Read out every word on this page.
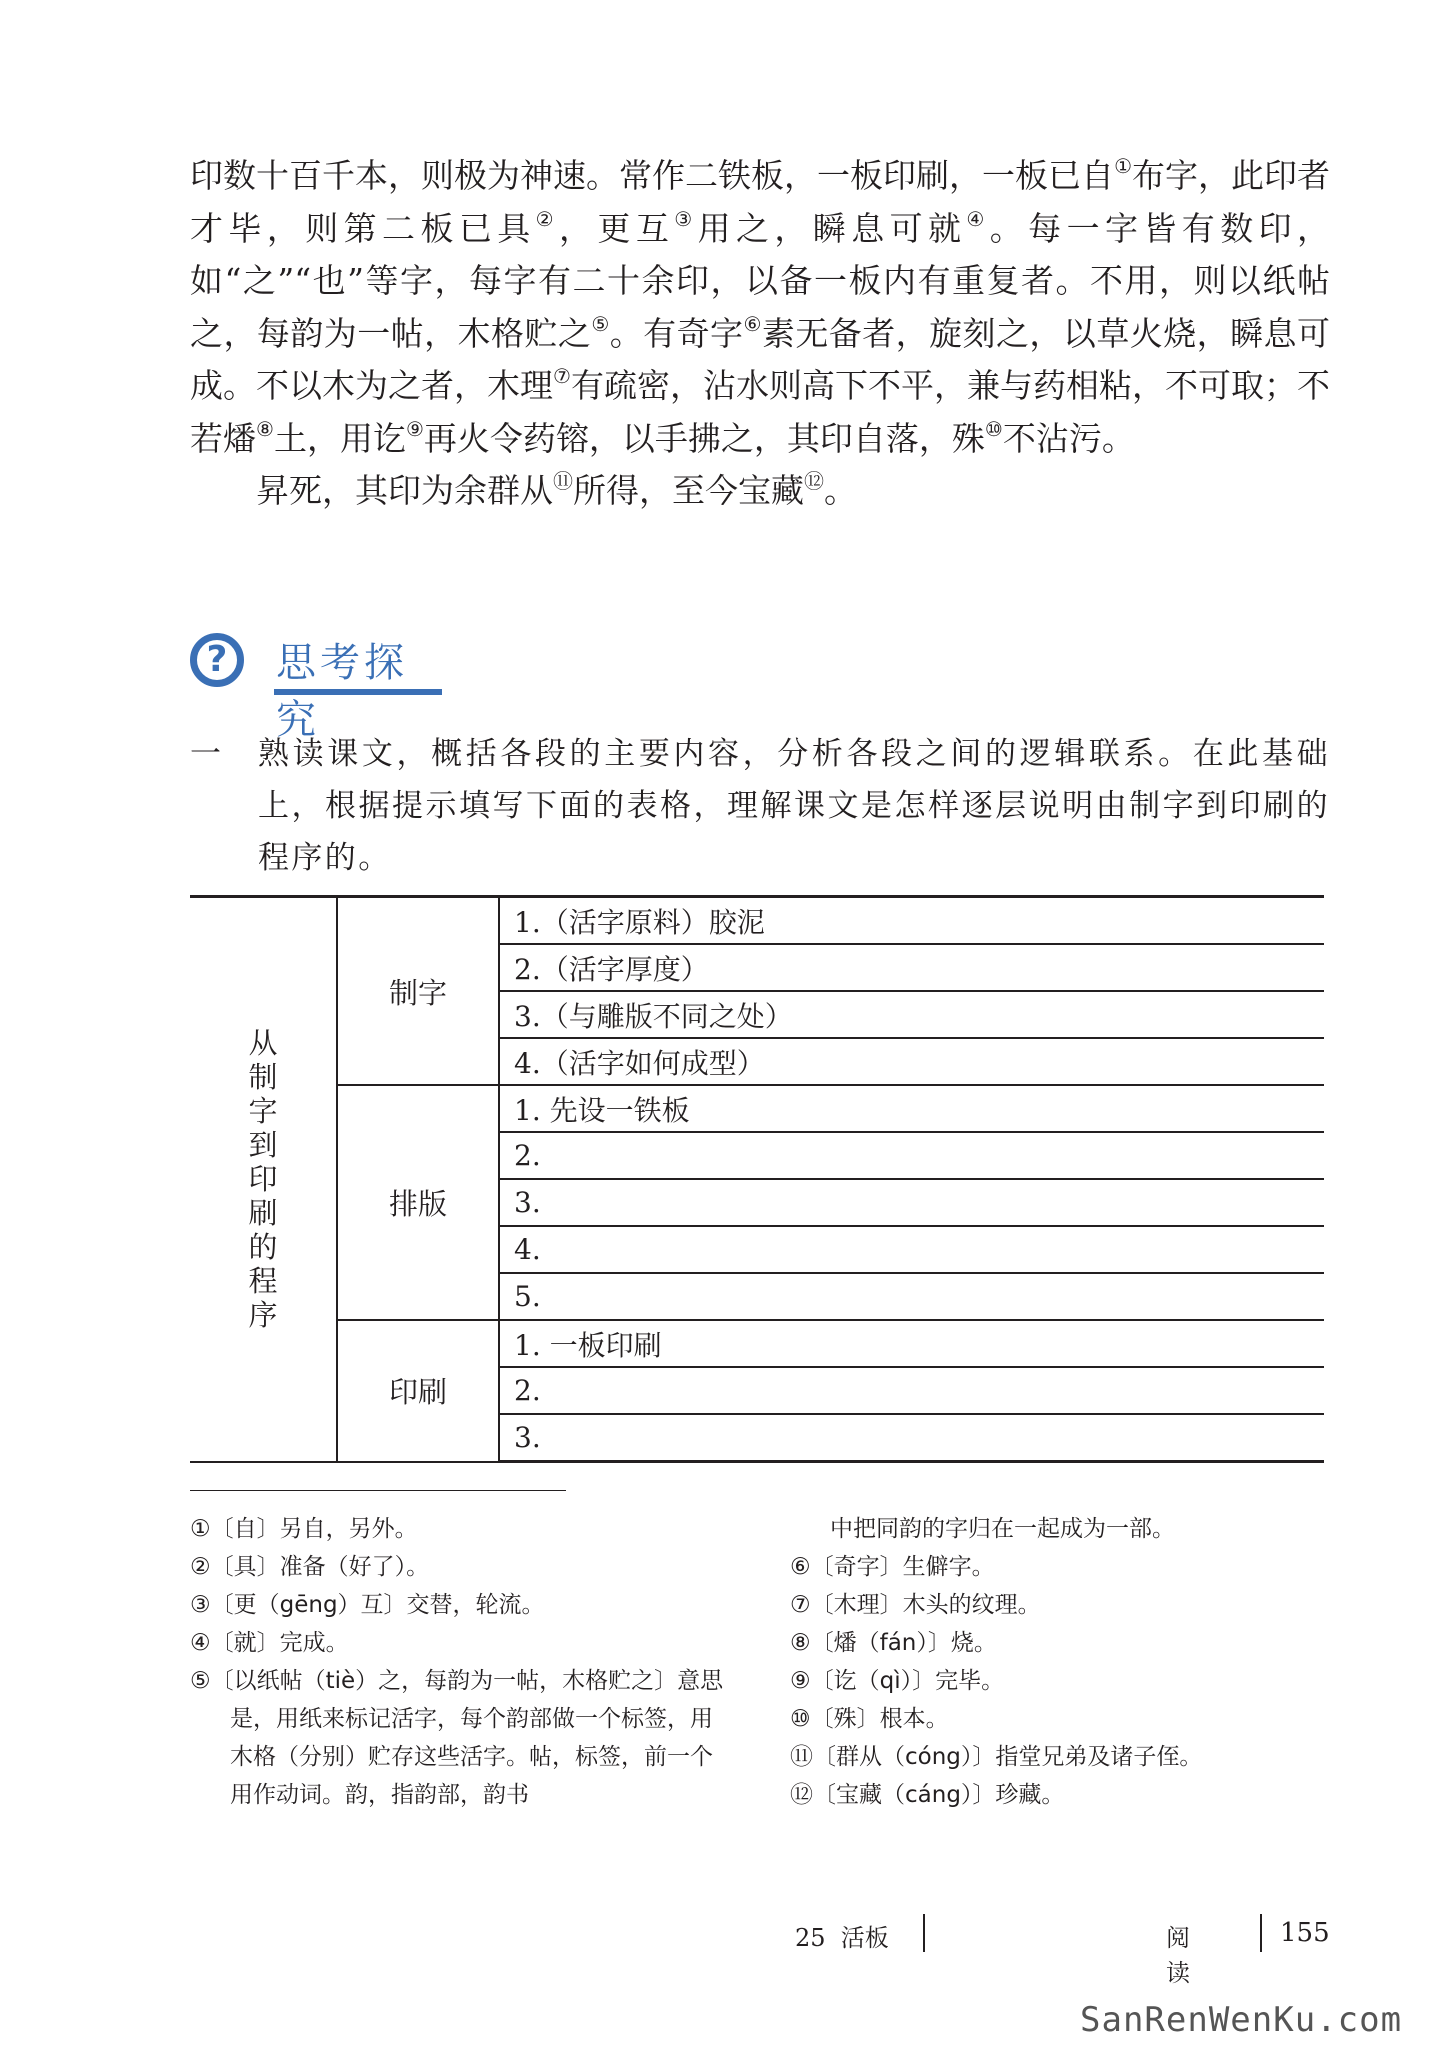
印数十百千本，则极为神速。常作二铁板，一板印刷，一板已自①布字，此印者才毕，则第二板已具②，更互③用之，瞬息可就④。每一字皆有数印，如“之”“也”等字，每字有二十余印，以备一板内有重复者。不用，则以纸帖之，每韵为一帖，木格贮之⑤。有奇字⑥素无备者，旋刻之，以草火烧，瞬息可成。不以木为之者，木理⑦有疏密，沾水则高下不平，兼与药相粘，不可取；不若燔⑧土，用讫⑨再火令药镕，以手拂之，其印自落，殊⑩不沾污。

昇死，其印为余群从⑪所得，至今宝藏⑫。

?	思考探究
一 熟读课文，概括各段的主要内容，分析各段之间的逻辑联系。在此基础上，根据提示填写下面的表格，理解课文是怎样逐层说明由制字到印刷的程序的。
从制字到印刷的程序	制字	1.（活字原料）胶泥
		2.（活字厚度）
		3.（与雕版不同之处）
		4.（活字如何成型）
	排版	1. 先设一铁板
		2.
		3.
		4.
		5.
	印刷	1. 一板印刷
		2.
		3.
①〔自〕另自，另外。
②〔具〕准备（好了）。
③〔更（gēng）互〕交替，轮流。
④〔就〕完成。
⑤〔以纸帖（tiè）之，每韵为一帖，木格贮之〕意思是，用纸来标记活字，每个韵部做一个标签，用木格（分别）贮存这些活字。帖，标签，前一个用作动词。韵，指韵部，韵书
中把同韵的字归在一起成为一部。
⑥〔奇字〕生僻字。
⑦〔木理〕木头的纹理。
⑧〔燔（fán）〕烧。
⑨〔讫（qì）〕完毕。
⑩〔殊〕根本。
⑪〔群从（cóng）〕指堂兄弟及诸子侄。
⑫〔宝藏（cáng）〕珍藏。
25  活板	阅读
155
SanRenWenKu.com
